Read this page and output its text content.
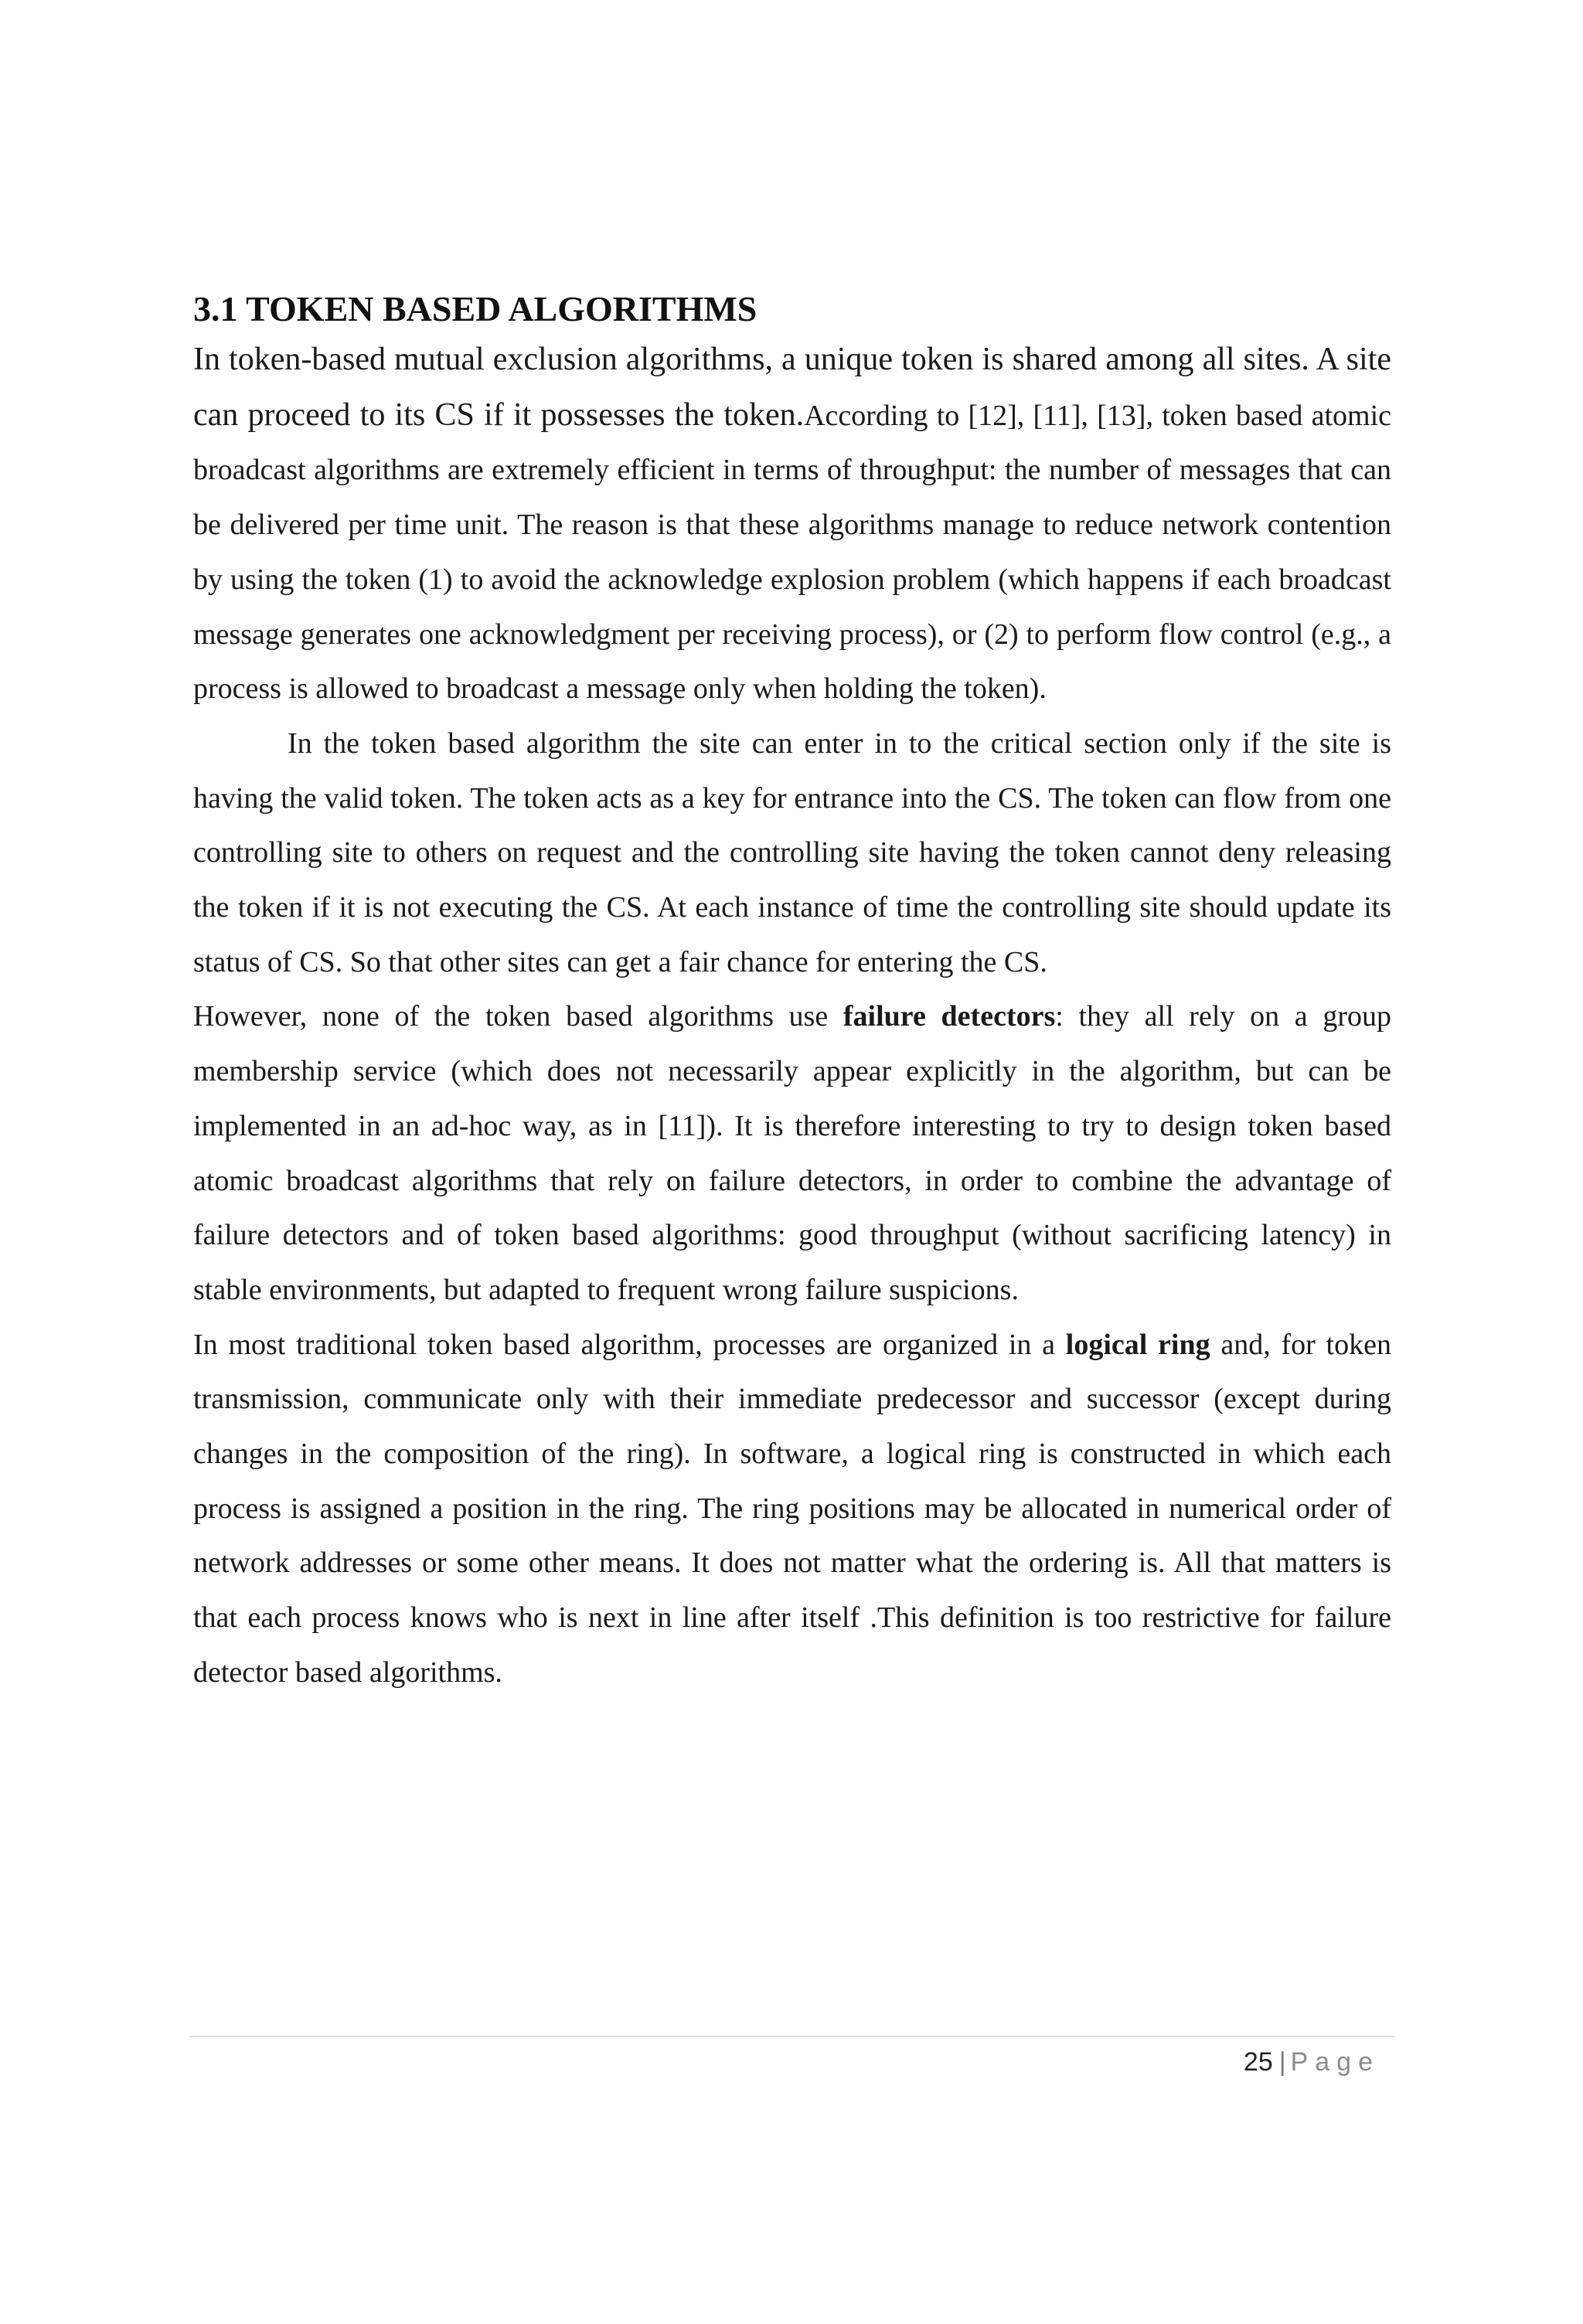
3.1 TOKEN BASED ALGORITHMS

In token-based mutual exclusion algorithms, a unique token is shared among all sites. A site can proceed to its CS if it possesses the token.According to [12], [11], [13], token based atomic broadcast algorithms are extremely efficient in terms of throughput: the number of messages that can be delivered per time unit. The reason is that these algorithms manage to reduce network contention by using the token (1) to avoid the acknowledge explosion problem (which happens if each broadcast message generates one acknowledgment per receiving process), or (2) to perform flow control (e.g., a process is allowed to broadcast a message only when holding the token).

In the token based algorithm the site can enter in to the critical section only if the site is having the valid token. The token acts as a key for entrance into the CS. The token can flow from one controlling site to others on request and the controlling site having the token cannot deny releasing the token if it is not executing the CS. At each instance of time the controlling site should update its status of CS. So that other sites can get a fair chance for entering the CS.

However, none of the token based algorithms use failure detectors: they all rely on a group membership service (which does not necessarily appear explicitly in the algorithm, but can be implemented in an ad-hoc way, as in [11]). It is therefore interesting to try to design token based atomic broadcast algorithms that rely on failure detectors, in order to combine the advantage of failure detectors and of token based algorithms: good throughput (without sacrificing latency) in stable environments, but adapted to frequent wrong failure suspicions.

In most traditional token based algorithm, processes are organized in a logical ring and, for token transmission, communicate only with their immediate predecessor and successor (except during changes in the composition of the ring). In software, a logical ring is constructed in which each process is assigned a position in the ring. The ring positions may be allocated in numerical order of network addresses or some other means. It does not matter what the ordering is. All that matters is that each process knows who is next in line after itself .This definition is too restrictive for failure detector based algorithms.

25 | Page
